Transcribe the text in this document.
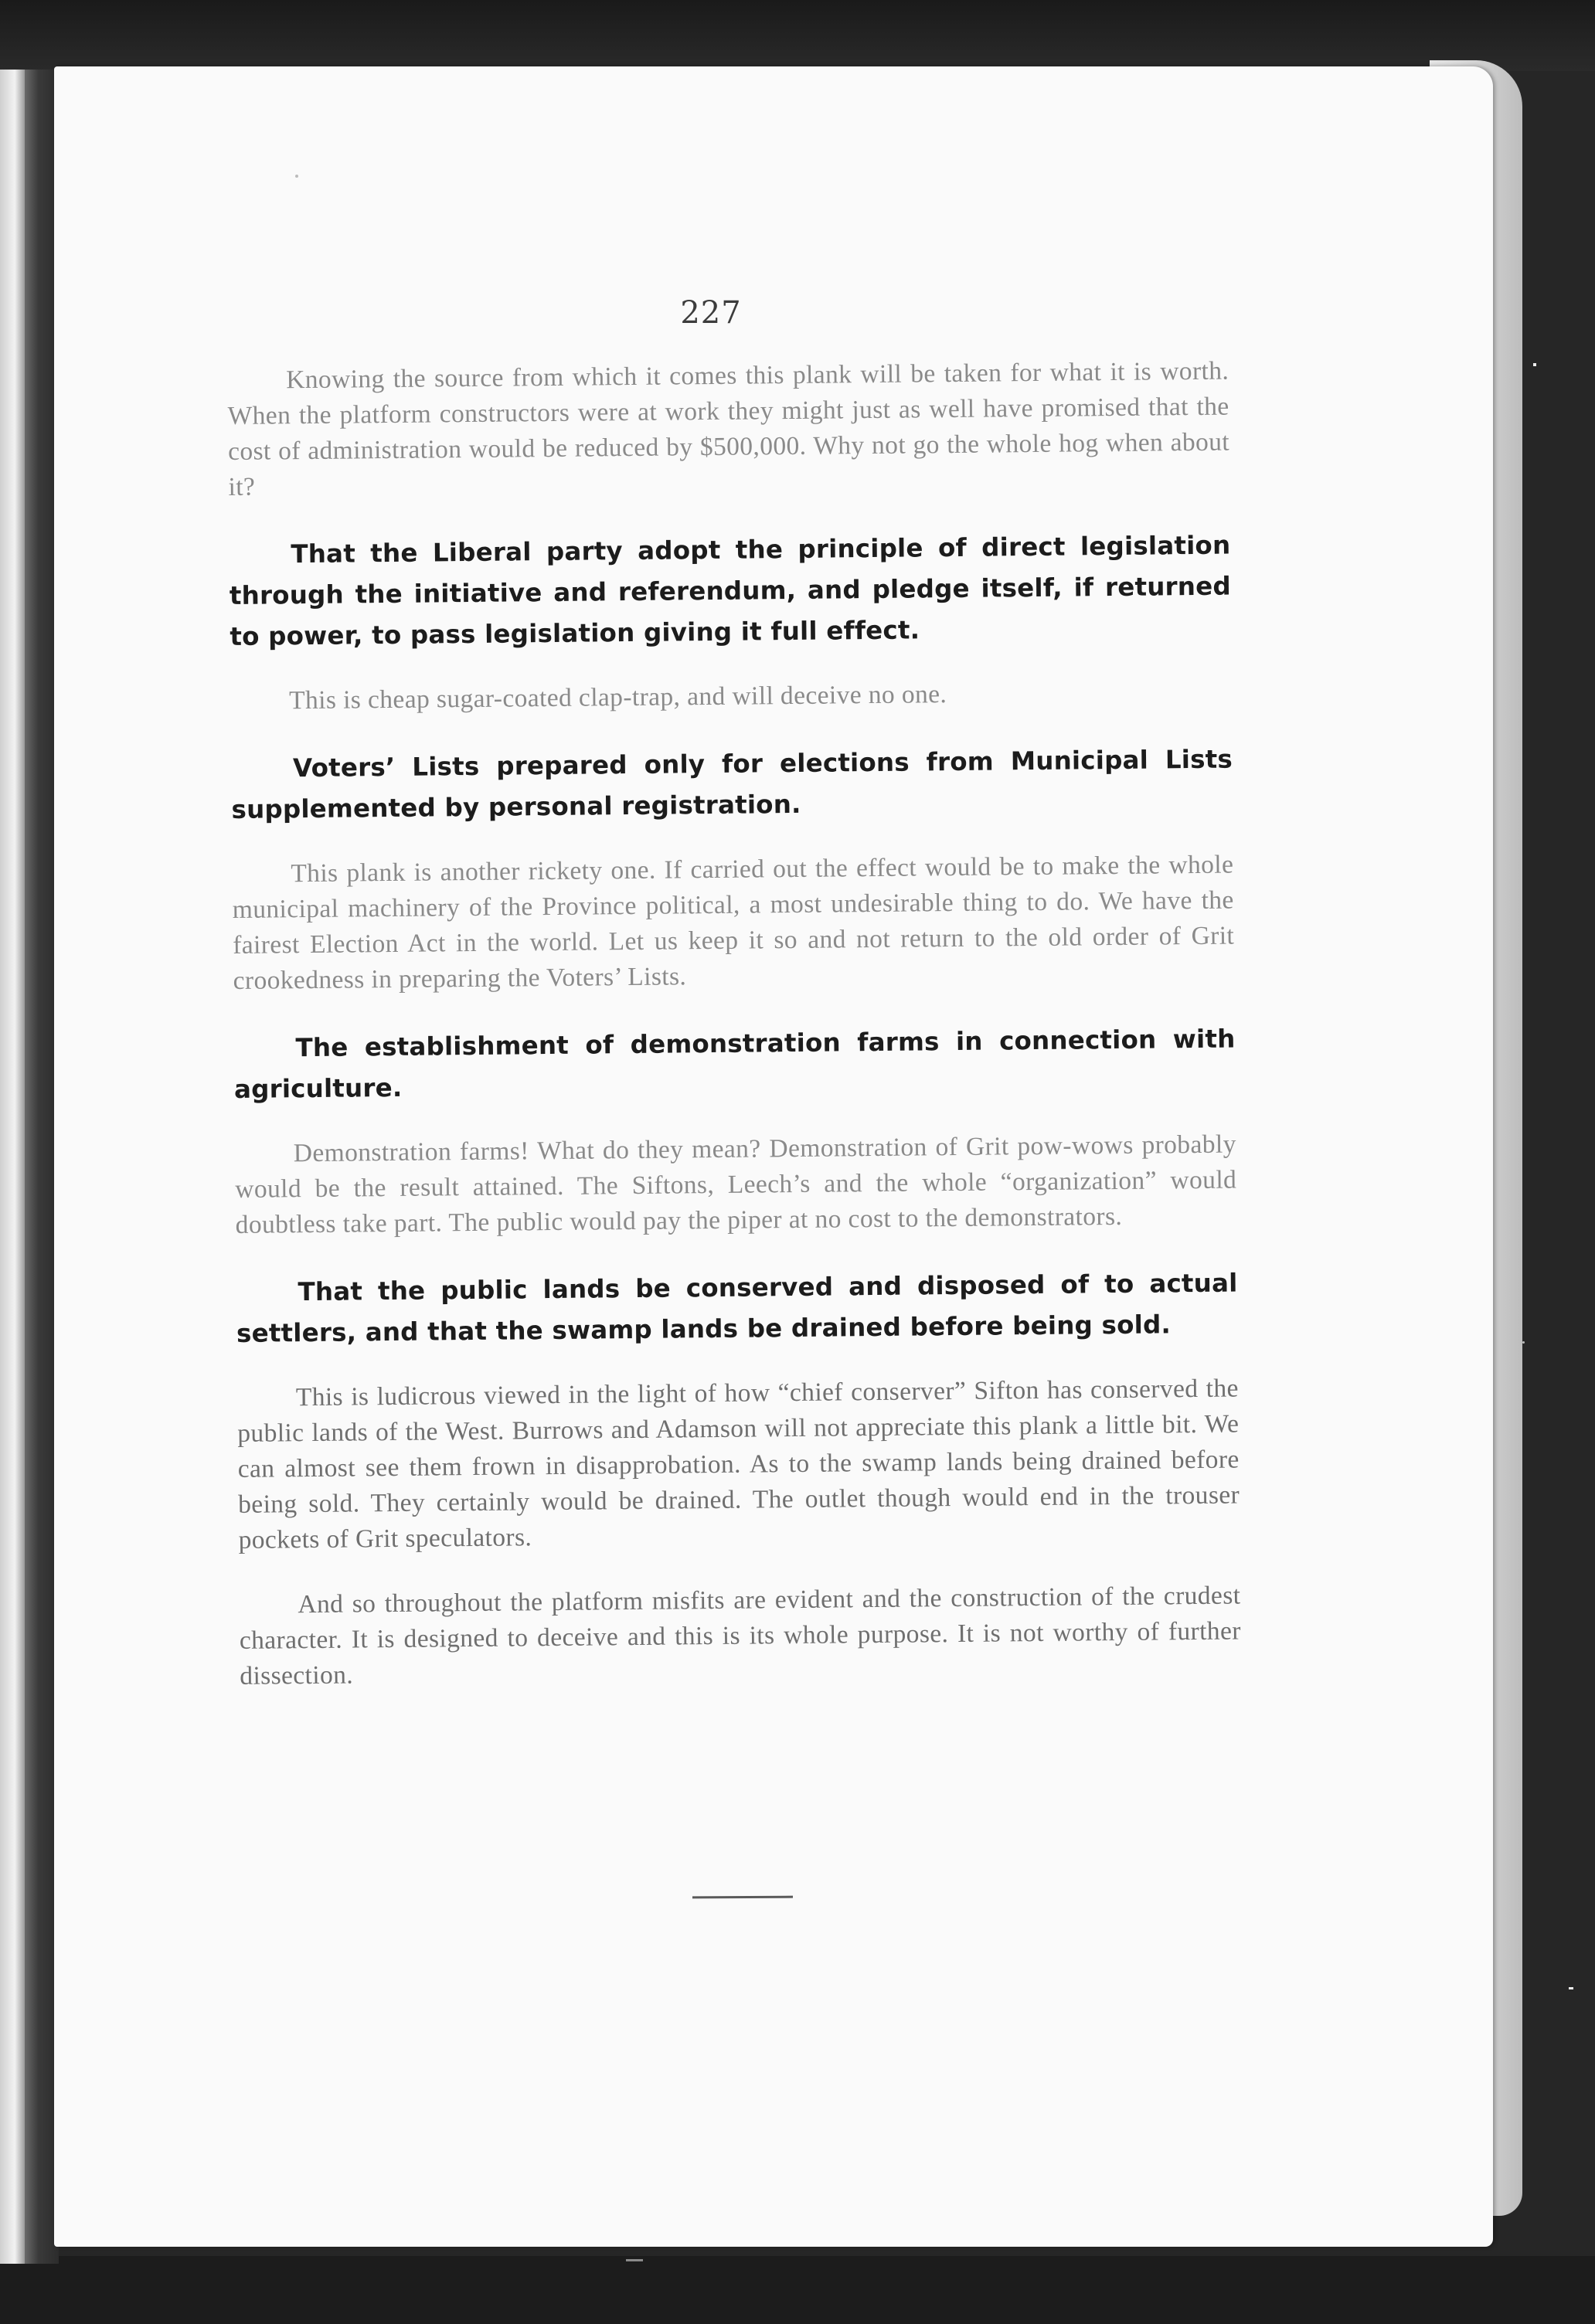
227

Knowing the source from which it comes this plank will be taken for what it is worth. When the platform constructors were at work they might just as well have promised that the cost of administration would be reduced by $500,000. Why not go the whole hog when about it?

That the Liberal party adopt the principle of direct legislation through the initiative and referendum, and pledge itself, if returned to power, to pass legislation giving it full effect.

This is cheap sugar-coated clap-trap, and will deceive no one.

Voters’ Lists prepared only for elections from Municipal Lists supplemented by personal registration.

This plank is another rickety one. If carried out the effect would be to make the whole municipal machinery of the Province political, a most undesirable thing to do. We have the fairest Election Act in the world. Let us keep it so and not return to the old order of Grit crookedness in preparing the Voters’ Lists.

The establishment of demonstration farms in connection with agriculture.

Demonstration farms! What do they mean? Demonstration of Grit pow-wows probably would be the result attained. The Siftons, Leech’s and the whole “organization” would doubtless take part. The public would pay the piper at no cost to the demonstrators.

That the public lands be conserved and disposed of to actual settlers, and that the swamp lands be drained before being sold.

This is ludicrous viewed in the light of how “chief conserver” Sifton has conserved the public lands of the West. Burrows and Adamson will not appreciate this plank a little bit. We can almost see them frown in disapprobation. As to the swamp lands being drained before being sold. They certainly would be drained. The outlet though would end in the trouser pockets of Grit speculators.

And so throughout the platform misfits are evident and the construction of the crudest character. It is designed to deceive and this is its whole purpose. It is not worthy of further dissection.
